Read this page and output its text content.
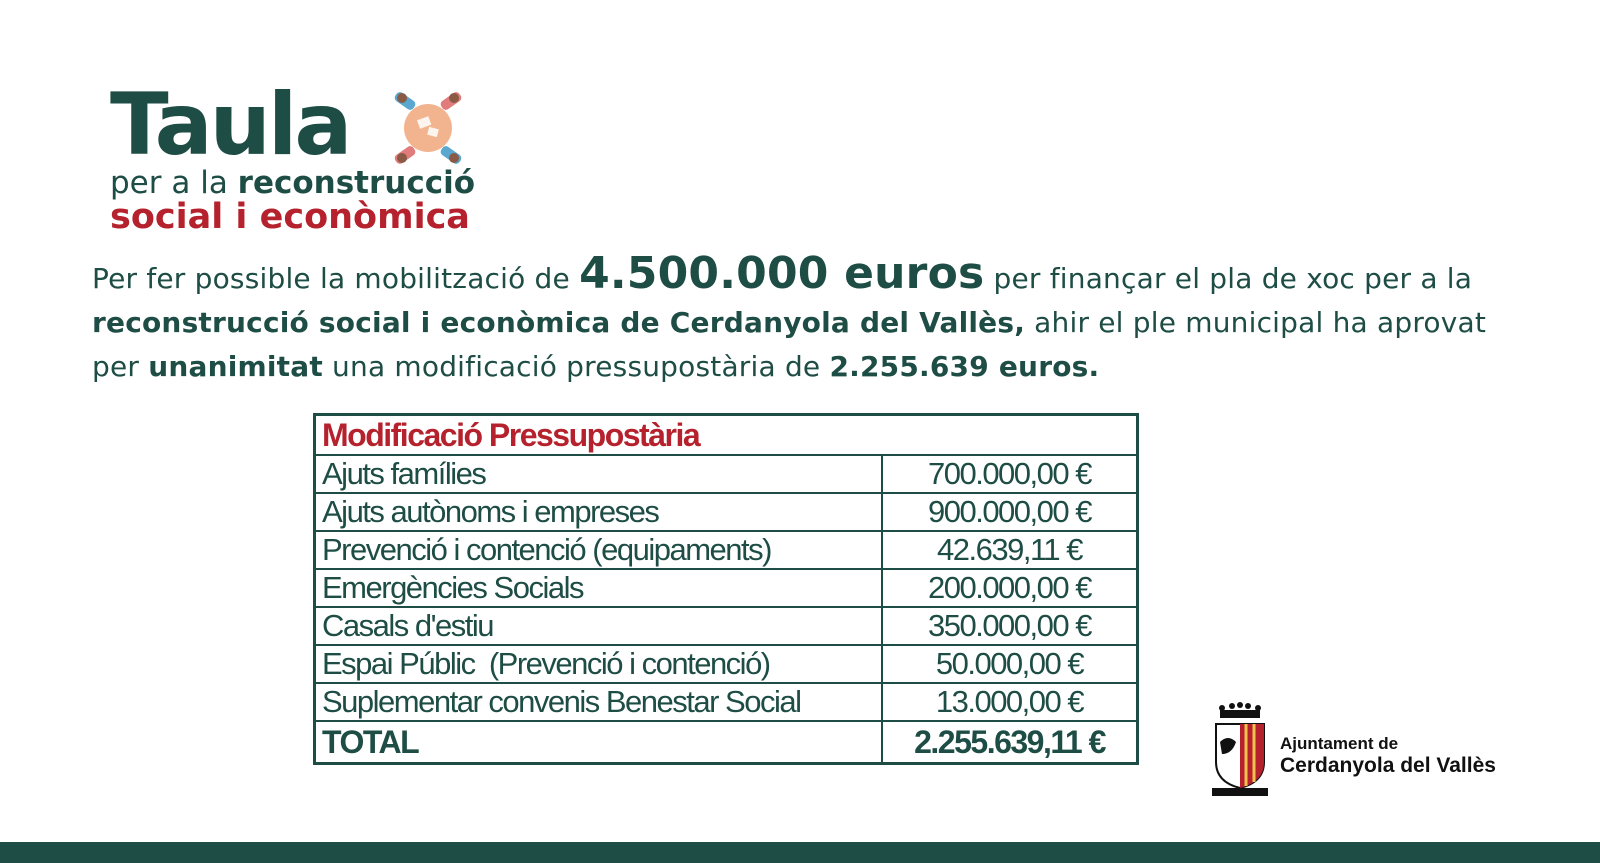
Taula
per a la reconstrucció
social i econòmica
Per fer possible la mobilització de 4.500.000 euros per finançar el pla de xoc per a la reconstrucció social i econòmica de Cerdanyola del Vallès, ahir el ple municipal ha aprovat per unanimitat una modificació pressupostària de 2.255.639 euros.
Modificació Pressupostària	
Ajuts famílies	700.000,00 €
Ajuts autònoms i empreses	900.000,00 €
Prevenció i contenció (equipaments)	42.639,11 €
Emergències Socials	200.000,00 €
Casals d'estiu	350.000,00 €
Espai Públic  (Prevenció i contenció)	50.000,00 €
Suplementar convenis Benestar Social	13.000,00 €
TOTAL	2.255.639,11 €	Ajuntament de
Cerdanyola del Vallès
